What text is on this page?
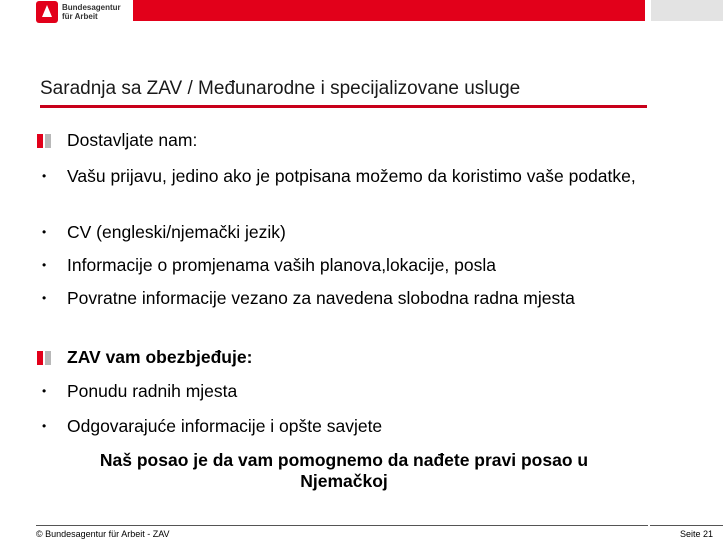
Bundesagentur
für Arbeit
Saradnja sa ZAV / Međunarodne i specijalizovane usluge
Dostavljate nam :
•	Vašu prijavu, jedino ako je potpisana možemo da koristimo vaše podatke,
•	CV (engleski/njemački jezik)
•	Informacije o promjenama vaših planova,lokacije, posla
•	Povratne informacije vezano za navedena slobodna radna mjesta
ZAV vam obezbjeđuje:
•	Ponudu radnih mjesta
•	Odgovarajuće informacije i opšte savjete
Naš posao je da vam pomognemo da nađete pravi posao u
Njemačkoj
© Bundesagentur für Arbeit - ZAV	Seite 21
